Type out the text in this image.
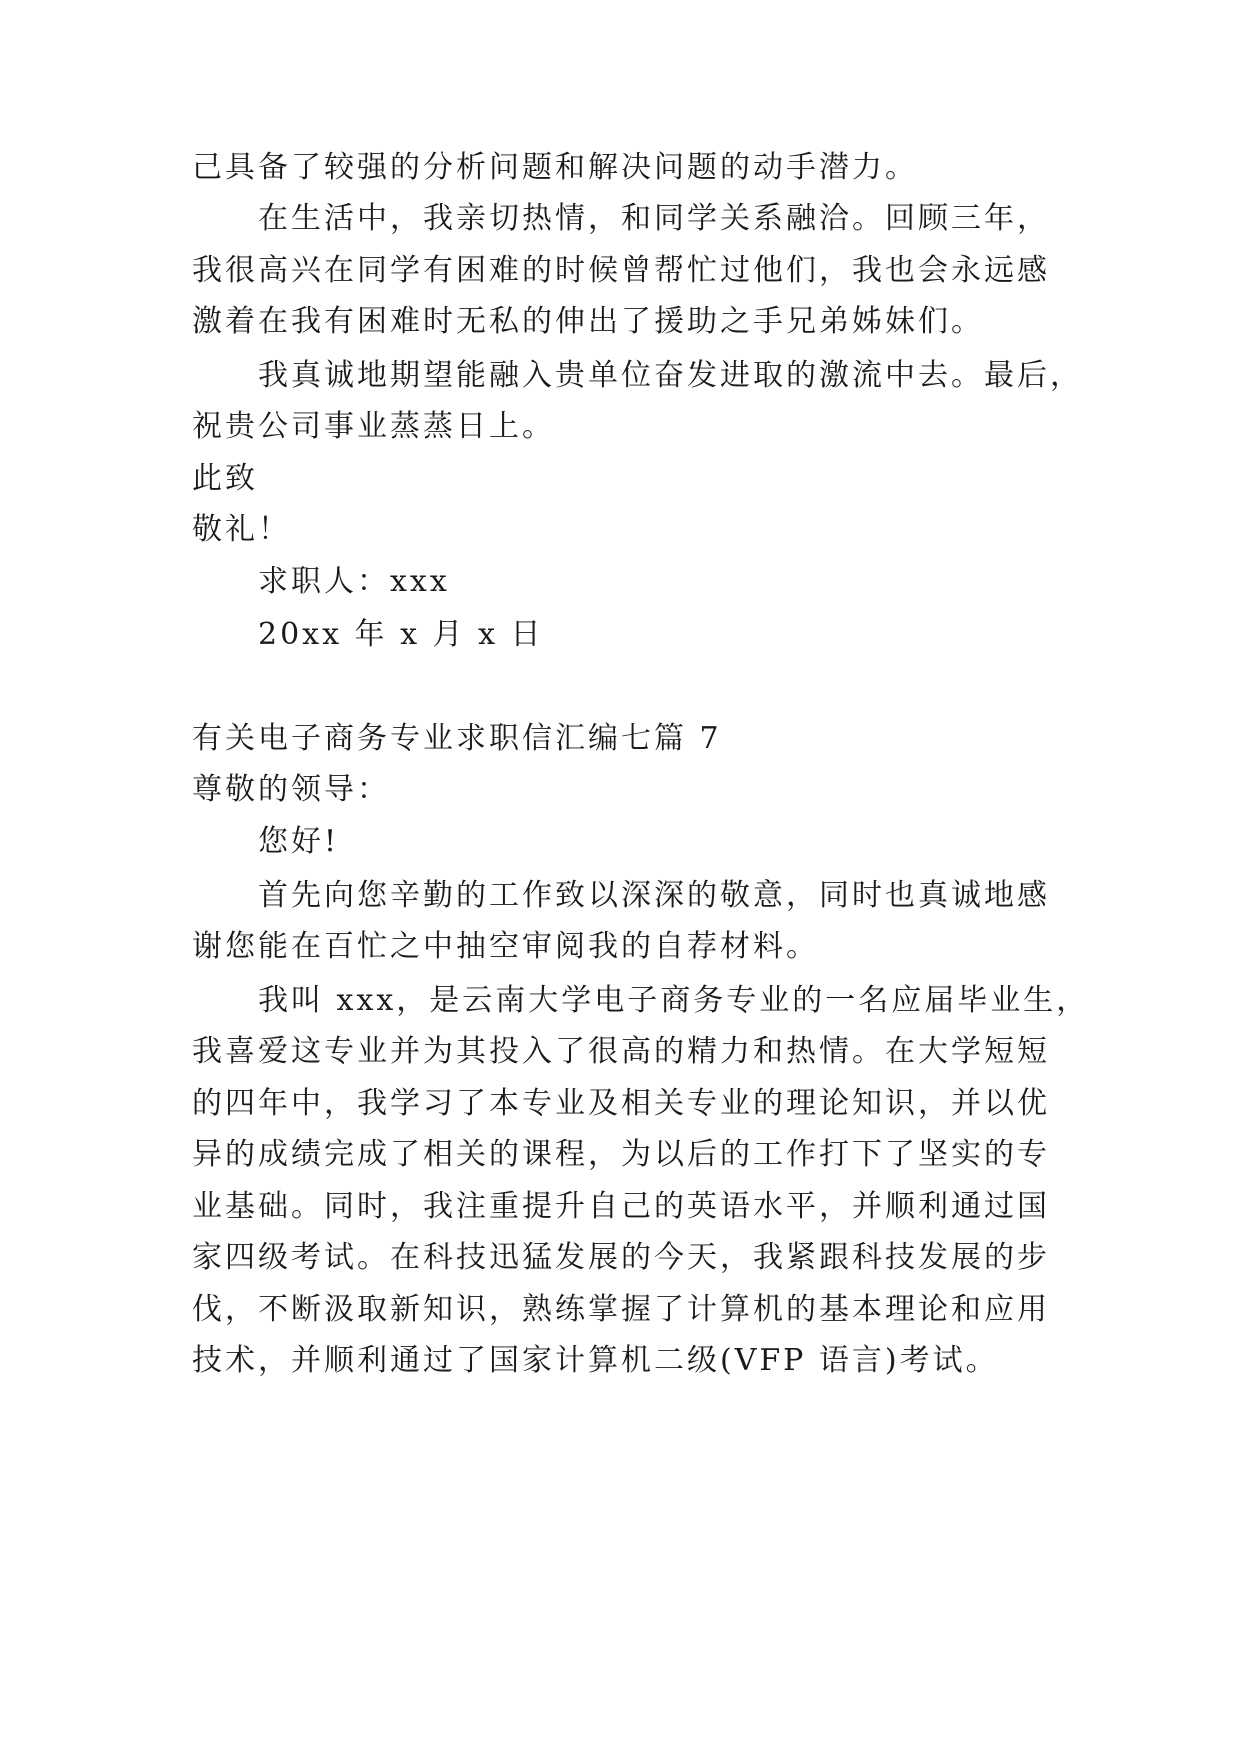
己具备了较强的分析问题和解决问题的动手潜力。
在生活中，我亲切热情，和同学关系融洽。回顾三年，
我很高兴在同学有困难的时候曾帮忙过他们，我也会永远感
激着在我有困难时无私的伸出了援助之手兄弟姊妹们。
我真诚地期望能融入贵单位奋发进取的激流中去。最后，
祝贵公司事业蒸蒸日上。
此致
敬礼！
求职人：xxx
20xx 年 x 月 x 日
有关电子商务专业求职信汇编七篇 7
尊敬的领导：
您好!
首先向您辛勤的工作致以深深的敬意，同时也真诚地感
谢您能在百忙之中抽空审阅我的自荐材料。
我叫 xxx，是云南大学电子商务专业的一名应届毕业生，
我喜爱这专业并为其投入了很高的精力和热情。在大学短短
的四年中，我学习了本专业及相关专业的理论知识，并以优
异的成绩完成了相关的课程，为以后的工作打下了坚实的专
业基础。同时，我注重提升自己的英语水平，并顺利通过国
家四级考试。在科技迅猛发展的今天，我紧跟科技发展的步
伐，不断汲取新知识，熟练掌握了计算机的基本理论和应用
技术，并顺利通过了国家计算机二级(VFP 语言)考试。
